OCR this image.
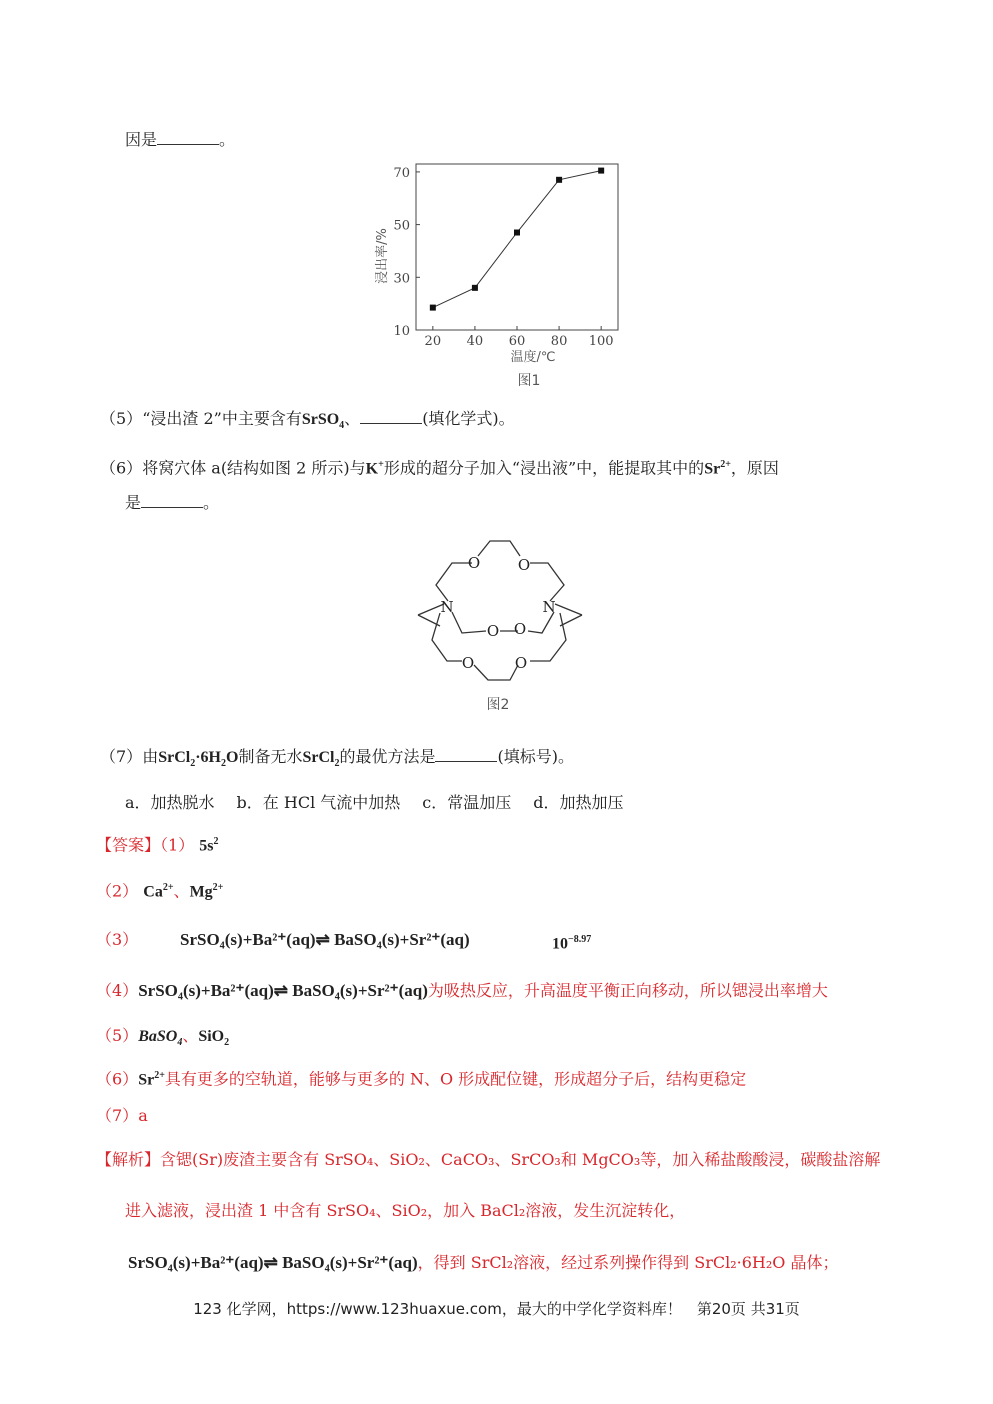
因是	。
20 40 60 80 100
10
30
50
70
浸出率/%
温度/℃
图1
（5）“浸出渣 2”中主要含有SrSO$_4$、	(填化学式)。
（6）将窝穴体 a(结构如图 2 所示)与K+形成的超分子加入“浸出液”中，能提取其中的$Sr^{2+}$，原因
是	。
N	N
O	O
O O
O	O
图2
（7）由$SrCl_2\cdot 6H_2O$制备无水SrCl$_2$的最优方法是	(填标号)。
a．加热脱水 b．在 HCl 气流中加热 c．常温加压 d．加热加压
【答案】（1） $5s^2$
（2） $Ca^{2+}$、$Mg^{2+}$
（3） SrSO₄(s)+Ba²⁺(aq)⇌ BaSO₄(s)+Sr²⁺(aq)	$10^{-8.97}$
（4）SrSO₄(s)+Ba²⁺(aq)⇌ BaSO₄(s)+Sr²⁺(aq)为吸热反应，升高温度平衡正向移动，所以锶浸出率增大
（5）BaSO$_4$、SiO$_2$
$(6)Sr^{2+}$具有更多的空轨道，能够与更多的 N、O 形成配位键，形成超分子后，结构更稳定
（7）a
【解析】含锶(Sr)废渣主要含有 SrSO₄、SiO₂、CaCO₃、SrCO₃和 MgCO₃等，加入稀盐酸酸浸，碳酸盐溶解
进入滤液，浸出渣 1 中含有 SrSO₄、SiO₂，加入 BaCl₂溶液，发生沉淀转化，
SrSO₄(s)+Ba²⁺(aq)⇌ BaSO₄(s)+Sr²⁺(aq)，得到 SrCl₂溶液，经过系列操作得到 SrCl₂·6H₂O 晶体；
123 化学网，https://www.123huaxue.com，最大的中学化学资料库！　第20页 共31页
